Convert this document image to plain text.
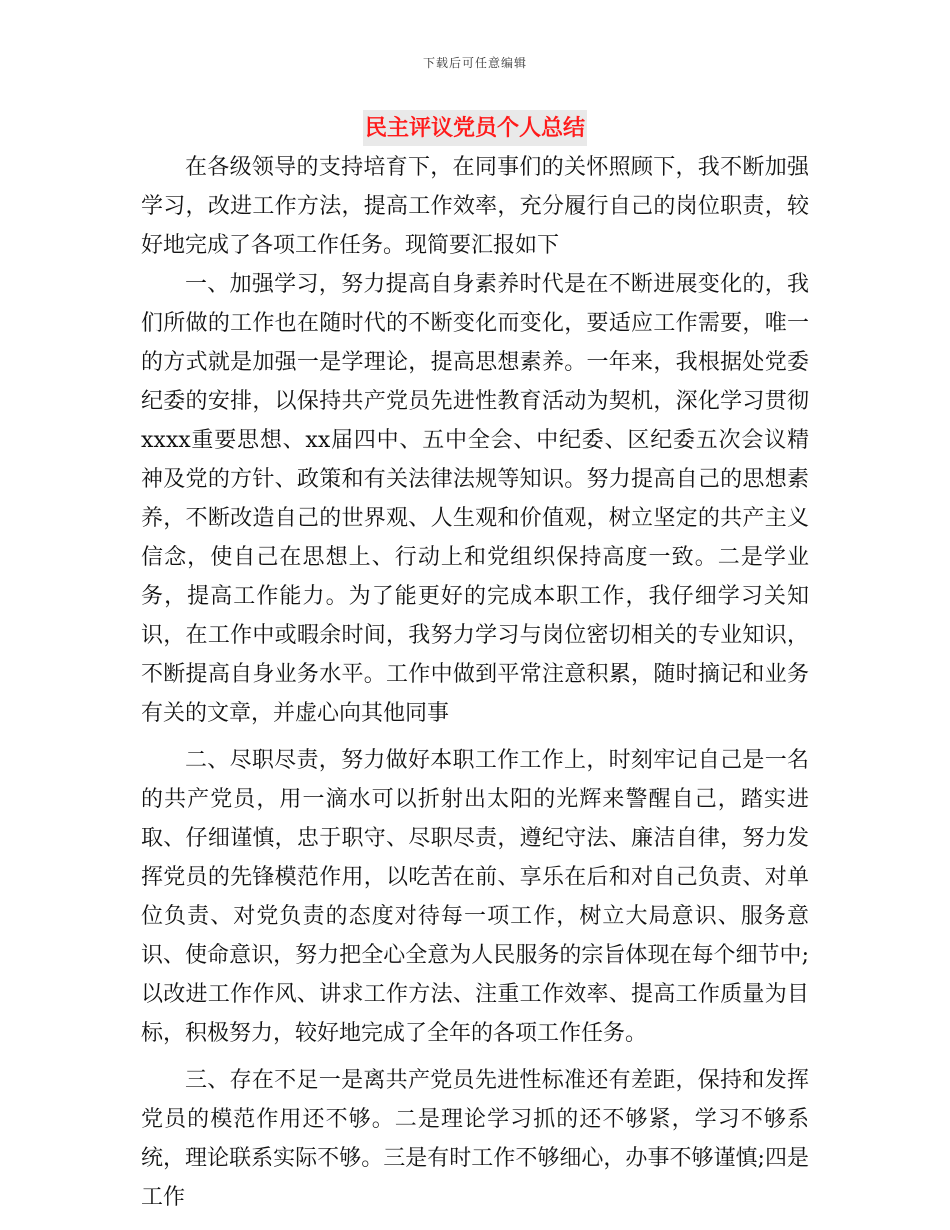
下载后可任意编辑
民主评议党员个人总结

在各级领导的支持培育下，在同事们的关怀照顾下，我不断加强学习，改进工作方法，提高工作效率，充分履行自己的岗位职责，较好地完成了各项工作任务。现简要汇报如下

一、加强学习，努力提高自身素养时代是在不断进展变化的，我们所做的工作也在随时代的不断变化而变化，要适应工作需要，唯一的方式就是加强一是学理论，提高思想素养。一年来，我根据处党委纪委的安排，以保持共产党员先进性教育活动为契机，深化学习贯彻xxxx重要思想、xx届四中、五中全会、中纪委、区纪委五次会议精神及党的方针、政策和有关法律法规等知识。努力提高自己的思想素养，不断改造自己的世界观、人生观和价值观，树立坚定的共产主义信念，使自己在思想上、行动上和党组织保持高度一致。二是学业务，提高工作能力。为了能更好的完成本职工作，我仔细学习关知识，在工作中或暇余时间，我努力学习与岗位密切相关的专业知识，不断提高自身业务水平。工作中做到平常注意积累，随时摘记和业务有关的文章，并虚心向其他同事

二、尽职尽责，努力做好本职工作工作上，时刻牢记自己是一名的共产党员，用一滴水可以折射出太阳的光辉来警醒自己，踏实进取、仔细谨慎，忠于职守、尽职尽责，遵纪守法、廉洁自律，努力发挥党员的先锋模范作用，以吃苦在前、享乐在后和对自己负责、对单位负责、对党负责的态度对待每一项工作，树立大局意识、服务意识、使命意识，努力把全心全意为人民服务的宗旨体现在每个细节中;以改进工作作风、讲求工作方法、注重工作效率、提高工作质量为目标，积极努力，较好地完成了全年的各项工作任务。

三、存在不足一是离共产党员先进性标准还有差距，保持和发挥党员的模范作用还不够。二是理论学习抓的还不够紧，学习不够系统，理论联系实际不够。三是有时工作不够细心，办事不够谨慎;四是工作
